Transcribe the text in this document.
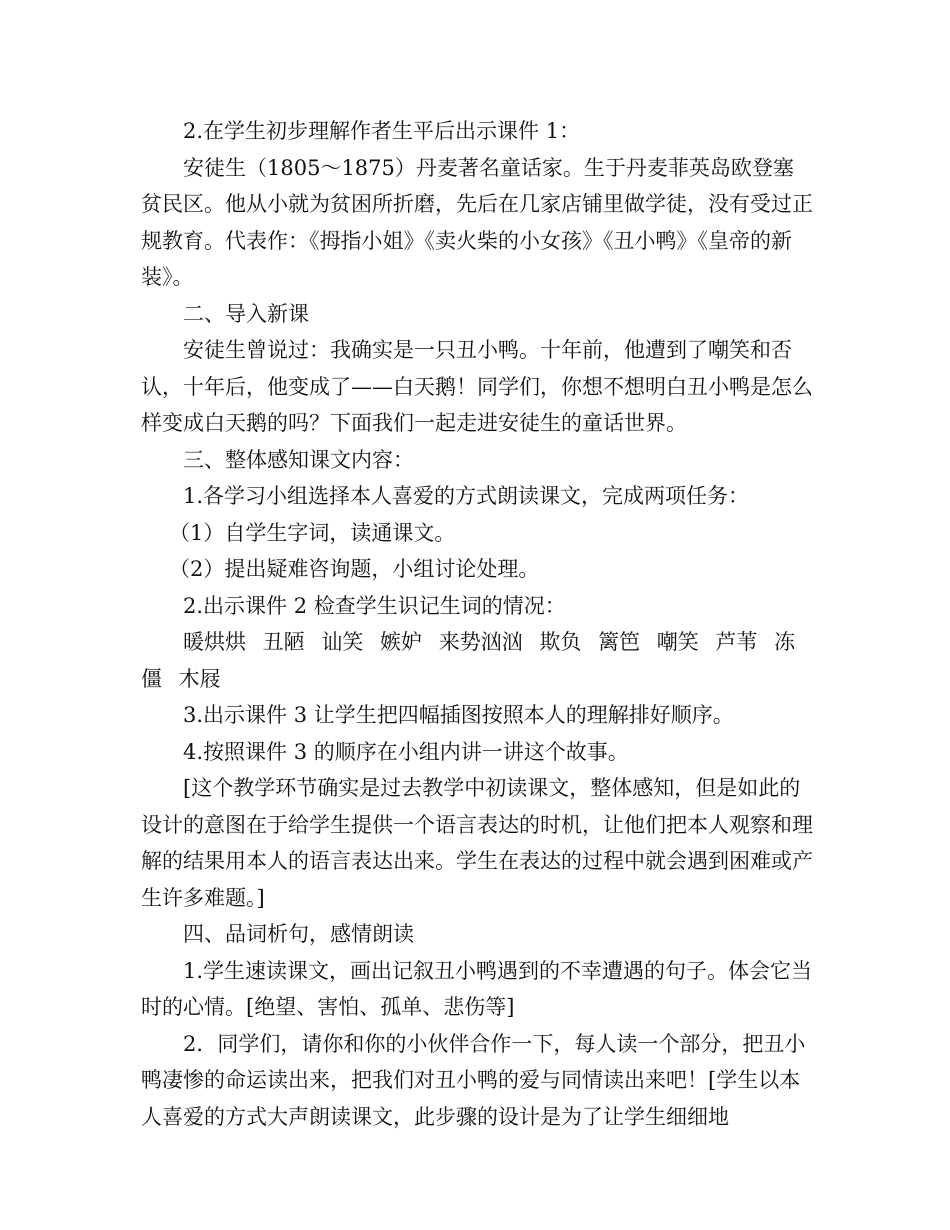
2.在学生初步理解作者生平后出示课件 1：

安徒生（1805～1875）丹麦著名童话家。生于丹麦菲英岛欧登塞贫民区。他从小就为贫困所折磨，先后在几家店铺里做学徒，没有受过正规教育。代表作：《拇指小姐》《卖火柴的小女孩》《丑小鸭》《皇帝的新装》。

二、导入新课

安徒生曾说过：我确实是一只丑小鸭。十年前，他遭到了嘲笑和否认，十年后，他变成了——白天鹅！同学们，你想不想明白丑小鸭是怎么样变成白天鹅的吗？下面我们一起走进安徒生的童话世界。

三、整体感知课文内容：

1.各学习小组选择本人喜爱的方式朗读课文，完成两项任务：

（1）自学生字词，读通课文。

（2）提出疑难咨询题，小组讨论处理。

2.出示课件 2 检查学生识记生词的情况：

暖烘烘 丑陋 讪笑 嫉妒 来势汹汹 欺负 篱笆 嘲笑 芦苇 冻僵 木屐

3.出示课件 3 让学生把四幅插图按照本人的理解排好顺序。

4.按照课件 3 的顺序在小组内讲一讲这个故事。

[这个教学环节确实是过去教学中初读课文，整体感知，但是如此的设计的意图在于给学生提供一个语言表达的时机，让他们把本人观察和理解的结果用本人的语言表达出来。学生在表达的过程中就会遇到困难或产生许多难题。]

四、品词析句，感情朗读

1.学生速读课文，画出记叙丑小鸭遇到的不幸遭遇的句子。体会它当时的心情。[绝望、害怕、孤单、悲伤等]

2．同学们，请你和你的小伙伴合作一下，每人读一个部分，把丑小鸭凄惨的命运读出来，把我们对丑小鸭的爱与同情读出来吧！[学生以本人喜爱的方式大声朗读课文，此步骤的设计是为了让学生细细地
